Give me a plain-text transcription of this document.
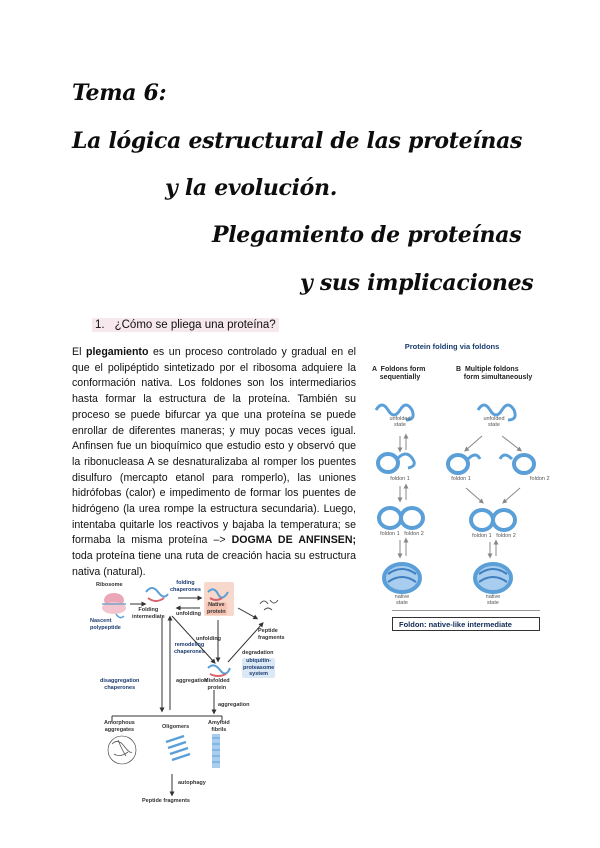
Tema 6:
La lógica estructural de las proteínas
y la evolución.
Plegamiento de proteínas
y sus implicaciones
1. ¿Cómo se pliega una proteína?
El plegamiento es un proceso controlado y gradual en el que el polipéptido sintetizado por el ribosoma adquiere la conformación nativa. Los foldones son los intermediarios hasta formar la estructura de la proteína. También su proceso se puede bifurcar ya que una proteína se puede enrollar de diferentes maneras; y muy pocas veces igual. Anfinsen fue un bioquímico que estudio esto y observó que la ribonucleasa A se desnaturalizaba al romper los puentes disulfuro (mercapto etanol para romperlo), las uniones hidrófobas (calor) e impedimento de formar los puentes de hidrógeno (la urea rompe la estructura secundaria). Luego, intentaba quitarle los reactivos y bajaba la temperatura; se formaba la misma proteína –> DOGMA DE ANFINSEN; toda proteína tiene una ruta de creación hacia su estructura nativa (natural).
Protein folding via foldons
A  Foldons form
sequentially
B  Multiple foldons
form simultaneously
unfolded
state
unfolded
state
foldon 1	foldon 1	foldon 2
foldon 1   foldon 2	foldon 1   foldon 2
native
state
native
state
Foldon: native-like intermediate
Ribosome
Nascent
polypeptide
Folding
intermediate
folding
chaperones
unfolding
Native
protein
Peptide
fragments
remodeling
chaperones
unfolding
degradation
ubiquitin-
proteasome
system
Misfolded
protein
disaggregation
chaperones
aggregation
aggregation
Amorphous
aggregates	Oligomers
Amyloid
fibrils
autophagy
Peptide fragments
